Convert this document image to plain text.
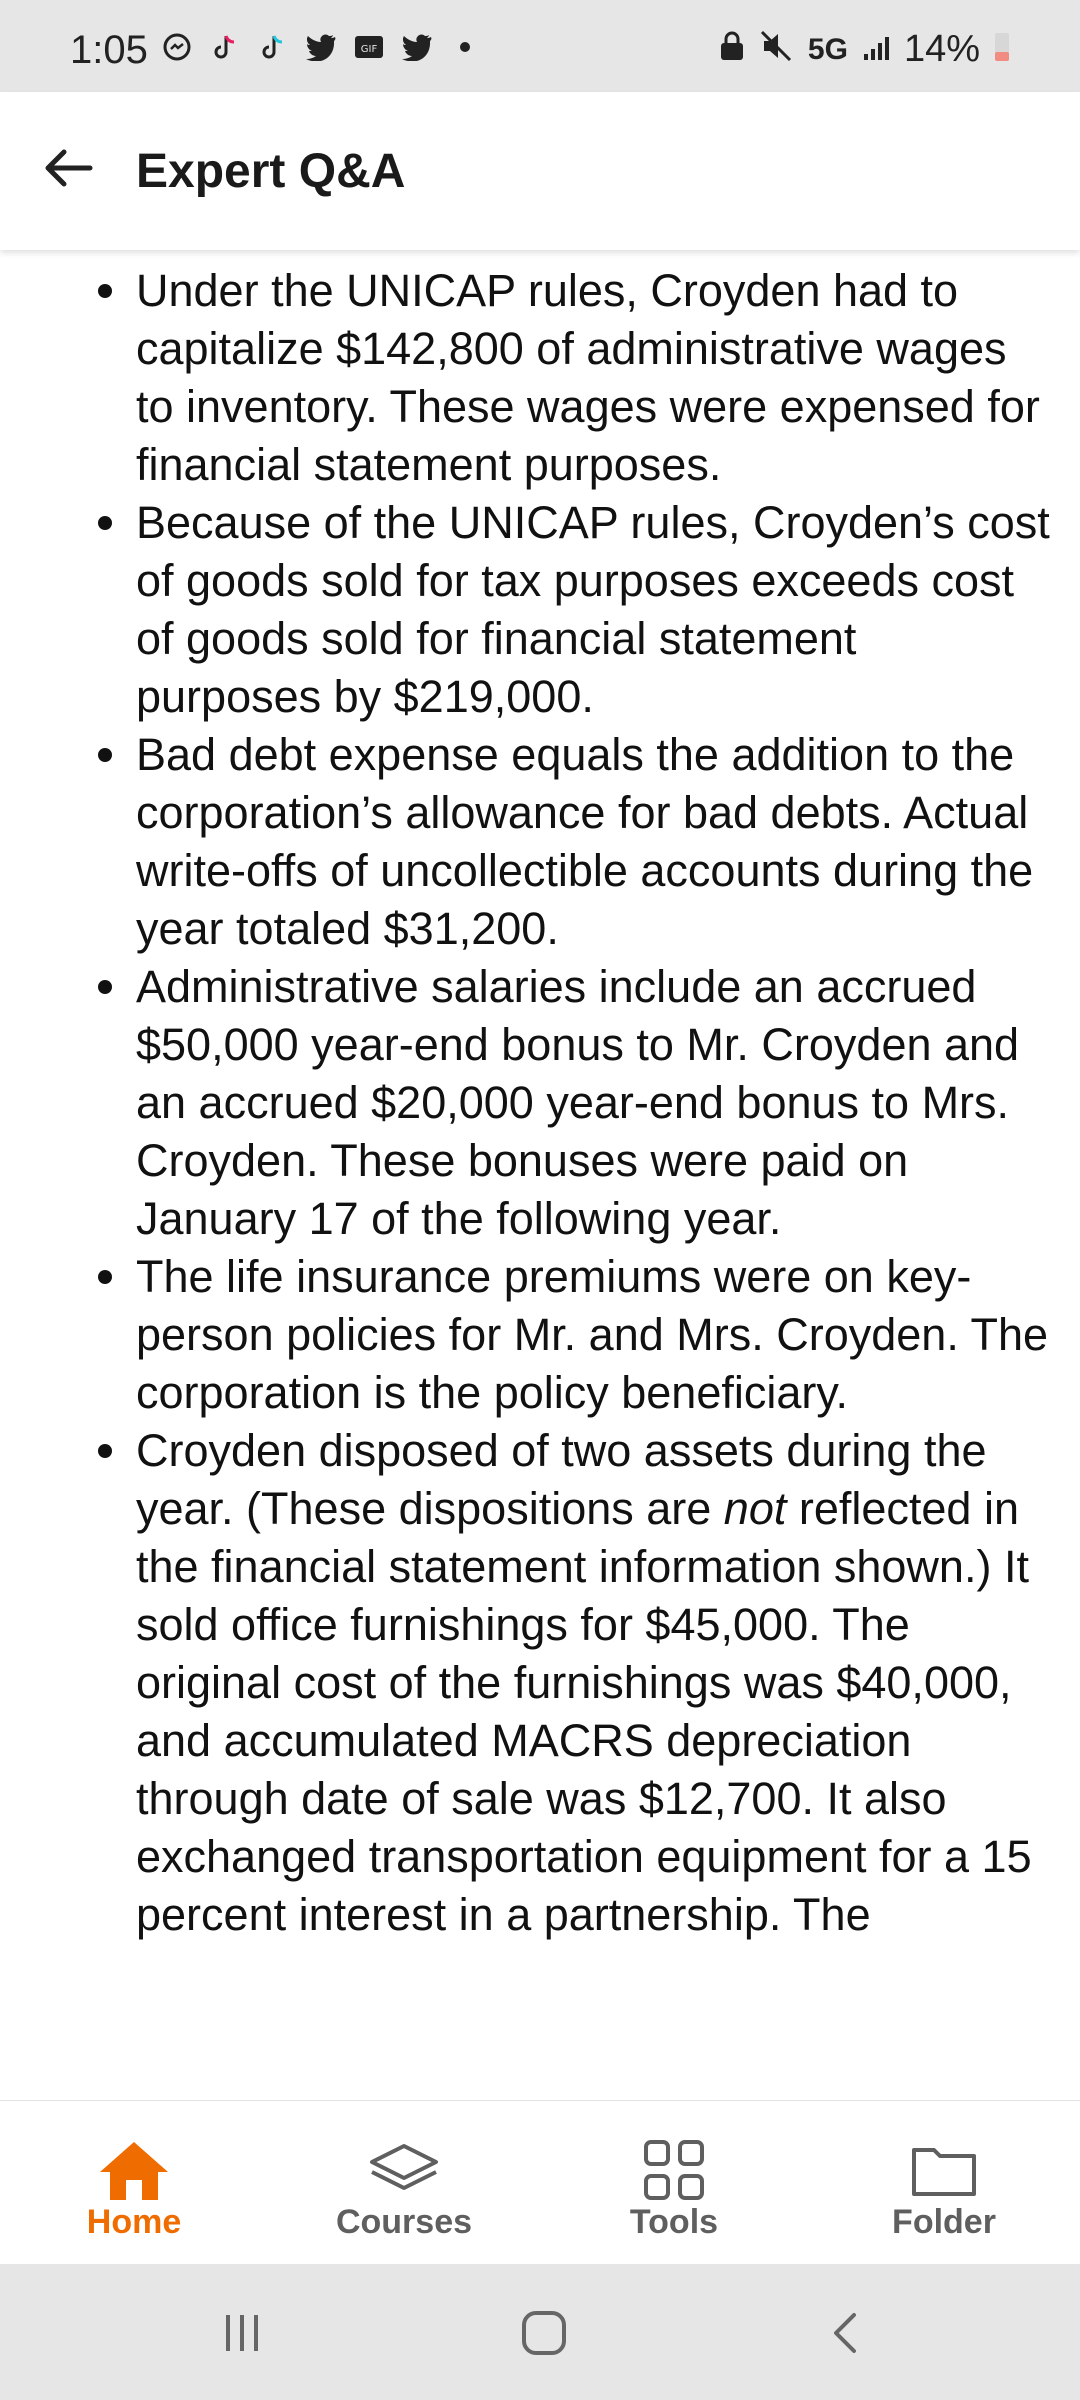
1:05	GIF	5G 14%
Expert Q&A
Under the UNICAP rules, Croyden had to capitalize $142,800 of administrative wages to inventory. These wages were expensed for financial statement purposes.
Because of the UNICAP rules, Croyden’s cost of goods sold for tax purposes exceeds cost of goods sold for financial statement purposes by $219,000.
Bad debt expense equals the addition to the corporation’s allowance for bad debts. Actual write-offs of uncollectible accounts during the year totaled $31,200.
Administrative salaries include an accrued $50,000 year-end bonus to Mr. Croyden and an accrued $20,000 year-end bonus to Mrs. Croyden. These bonuses were paid on January 17 of the following year.
The life insurance premiums were on key-person policies for Mr. and Mrs. Croyden. The corporation is the policy beneficiary.
Croyden disposed of two assets during the year. (These dispositions are not reflected in the financial statement information shown.) It sold office furnishings for $45,000. The original cost of the furnishings was $40,000, and accumulated MACRS depreciation through date of sale was $12,700. It also exchanged transportation equipment for a 15 percent interest in a partnership. The
Home	Courses	Tools	Folder
